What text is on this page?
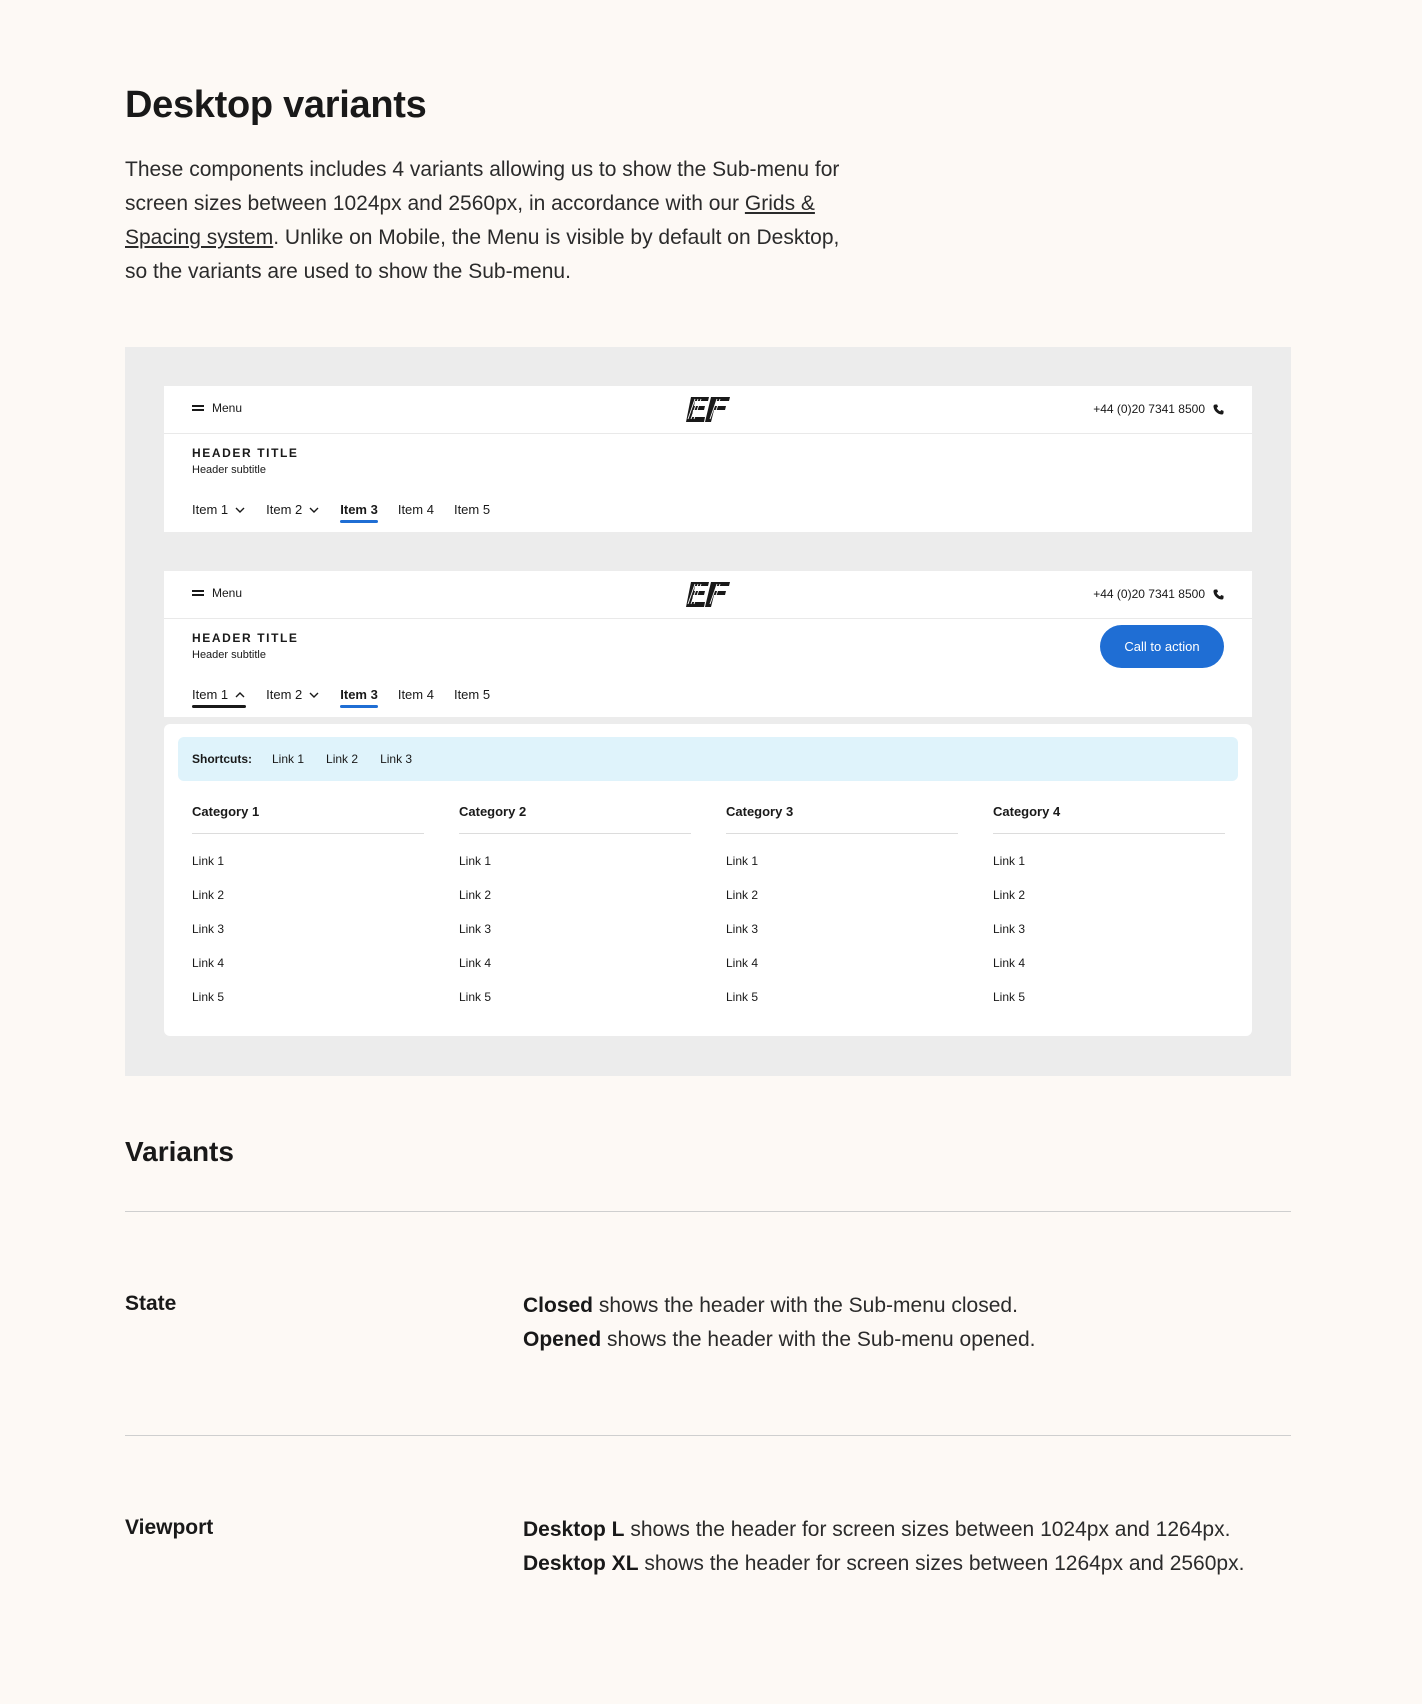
Desktop variants

These components includes 4 variants allowing us to show the Sub-menu for screen sizes between 1024px and 2560px, in accordance with our Grids & Spacing system. Unlike on Mobile, the Menu is visible by default on Desktop, so the variants are used to show the Sub-menu.

Menu	+44 (0)20 7341 8500
HEADER TITLE
Header subtitle
Item 1	Item 2	Item 3 Item 4 Item 5
Menu	+44 (0)20 7341 8500
HEADER TITLE
Header subtitle
Call to action
Item 1	Item 2	Item 3 Item 4 Item 5
Shortcuts: Link 1 Link 2 Link 3
Category 1
Link 1
Link 2
Link 3
Link 4
Link 5
Category 2
Link 1
Link 2
Link 3
Link 4
Link 5
Category 3
Link 1
Link 2
Link 3
Link 4
Link 5
Category 4
Link 1
Link 2
Link 3
Link 4
Link 5
Variants
State	Closed shows the header with the Sub-menu closed.
Opened shows the header with the Sub-menu opened.
Viewport	Desktop L shows the header for screen sizes between 1024px and 1264px.
Desktop XL shows the header for screen sizes between 1264px and 2560px.
